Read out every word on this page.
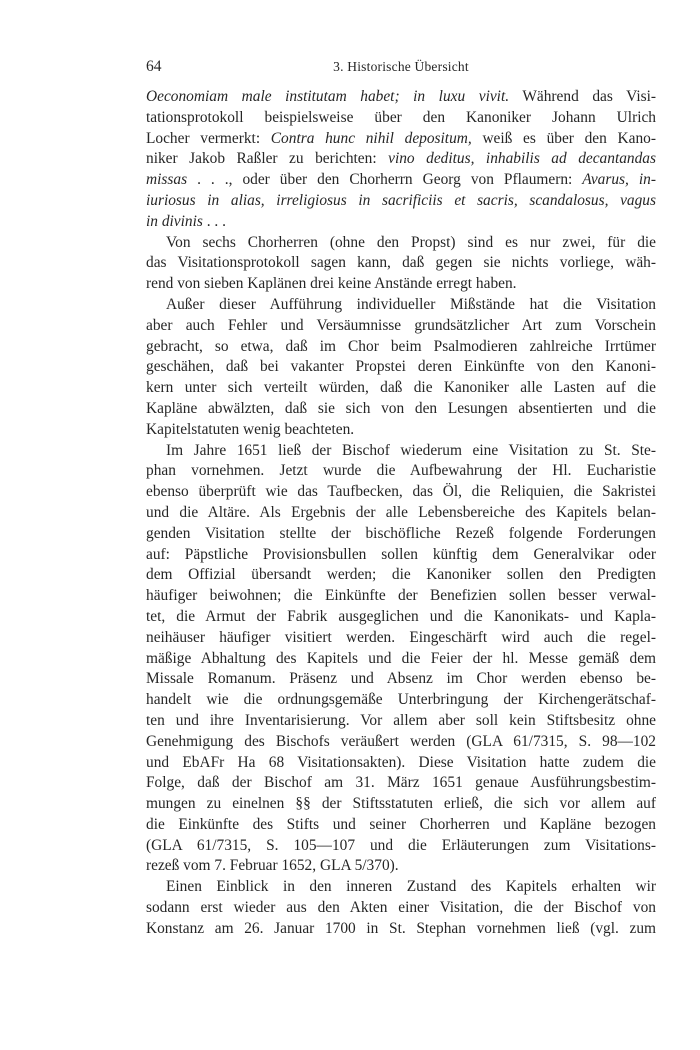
64	3. Historische Übersicht
Oeconomiam male institutam habet; in luxu vivit. Während das Visi-
tationsprotokoll beispielsweise über den Kanoniker Johann Ulrich
Locher vermerkt: Contra hunc nihil depositum, weiß es über den Kano-
niker Jakob Raßler zu berichten: vino deditus, inhabilis ad decantandas
missas . . ., oder über den Chorherrn Georg von Pflaumern: Avarus, in-
iuriosus in alias, irreligiosus in sacrificiis et sacris, scandalosus, vagus
in divinis . . .
Von sechs Chorherren (ohne den Propst) sind es nur zwei, für die
das Visitationsprotokoll sagen kann, daß gegen sie nichts vorliege, wäh-
rend von sieben Kaplänen drei keine Anstände erregt haben.
Außer dieser Aufführung individueller Mißstände hat die Visitation
aber auch Fehler und Versäumnisse grundsätzlicher Art zum Vorschein
gebracht, so etwa, daß im Chor beim Psalmodieren zahlreiche Irrtümer
geschähen, daß bei vakanter Propstei deren Einkünfte von den Kanoni-
kern unter sich verteilt würden, daß die Kanoniker alle Lasten auf die
Kapläne abwälzten, daß sie sich von den Lesungen absentierten und die
Kapitelstatuten wenig beachteten.
Im Jahre 1651 ließ der Bischof wiederum eine Visitation zu St. Ste-
phan vornehmen. Jetzt wurde die Aufbewahrung der Hl. Eucharistie
ebenso überprüft wie das Taufbecken, das Öl, die Reliquien, die Sakristei
und die Altäre. Als Ergebnis der alle Lebensbereiche des Kapitels belan-
genden Visitation stellte der bischöfliche Rezeß folgende Forderungen
auf: Päpstliche Provisionsbullen sollen künftig dem Generalvikar oder
dem Offizial übersandt werden; die Kanoniker sollen den Predigten
häufiger beiwohnen; die Einkünfte der Benefizien sollen besser verwal-
tet, die Armut der Fabrik ausgeglichen und die Kanonikats- und Kapla-
neihäuser häufiger visitiert werden. Eingeschärft wird auch die regel-
mäßige Abhaltung des Kapitels und die Feier der hl. Messe gemäß dem
Missale Romanum. Präsenz und Absenz im Chor werden ebenso be-
handelt wie die ordnungsgemäße Unterbringung der Kirchengerätschaf-
ten und ihre Inventarisierung. Vor allem aber soll kein Stiftsbesitz ohne
Genehmigung des Bischofs veräußert werden (GLA 61/7315, S. 98—102
und EbAFr Ha 68 Visitationsakten). Diese Visitation hatte zudem die
Folge, daß der Bischof am 31. März 1651 genaue Ausführungsbestim-
mungen zu einelnen §§ der Stiftsstatuten erließ, die sich vor allem auf
die Einkünfte des Stifts und seiner Chorherren und Kapläne bezogen
(GLA 61/7315, S. 105—107 und die Erläuterungen zum Visitations-
rezeß vom 7. Februar 1652, GLA 5/370).
Einen Einblick in den inneren Zustand des Kapitels erhalten wir
sodann erst wieder aus den Akten einer Visitation, die der Bischof von
Konstanz am 26. Januar 1700 in St. Stephan vornehmen ließ (vgl. zum
